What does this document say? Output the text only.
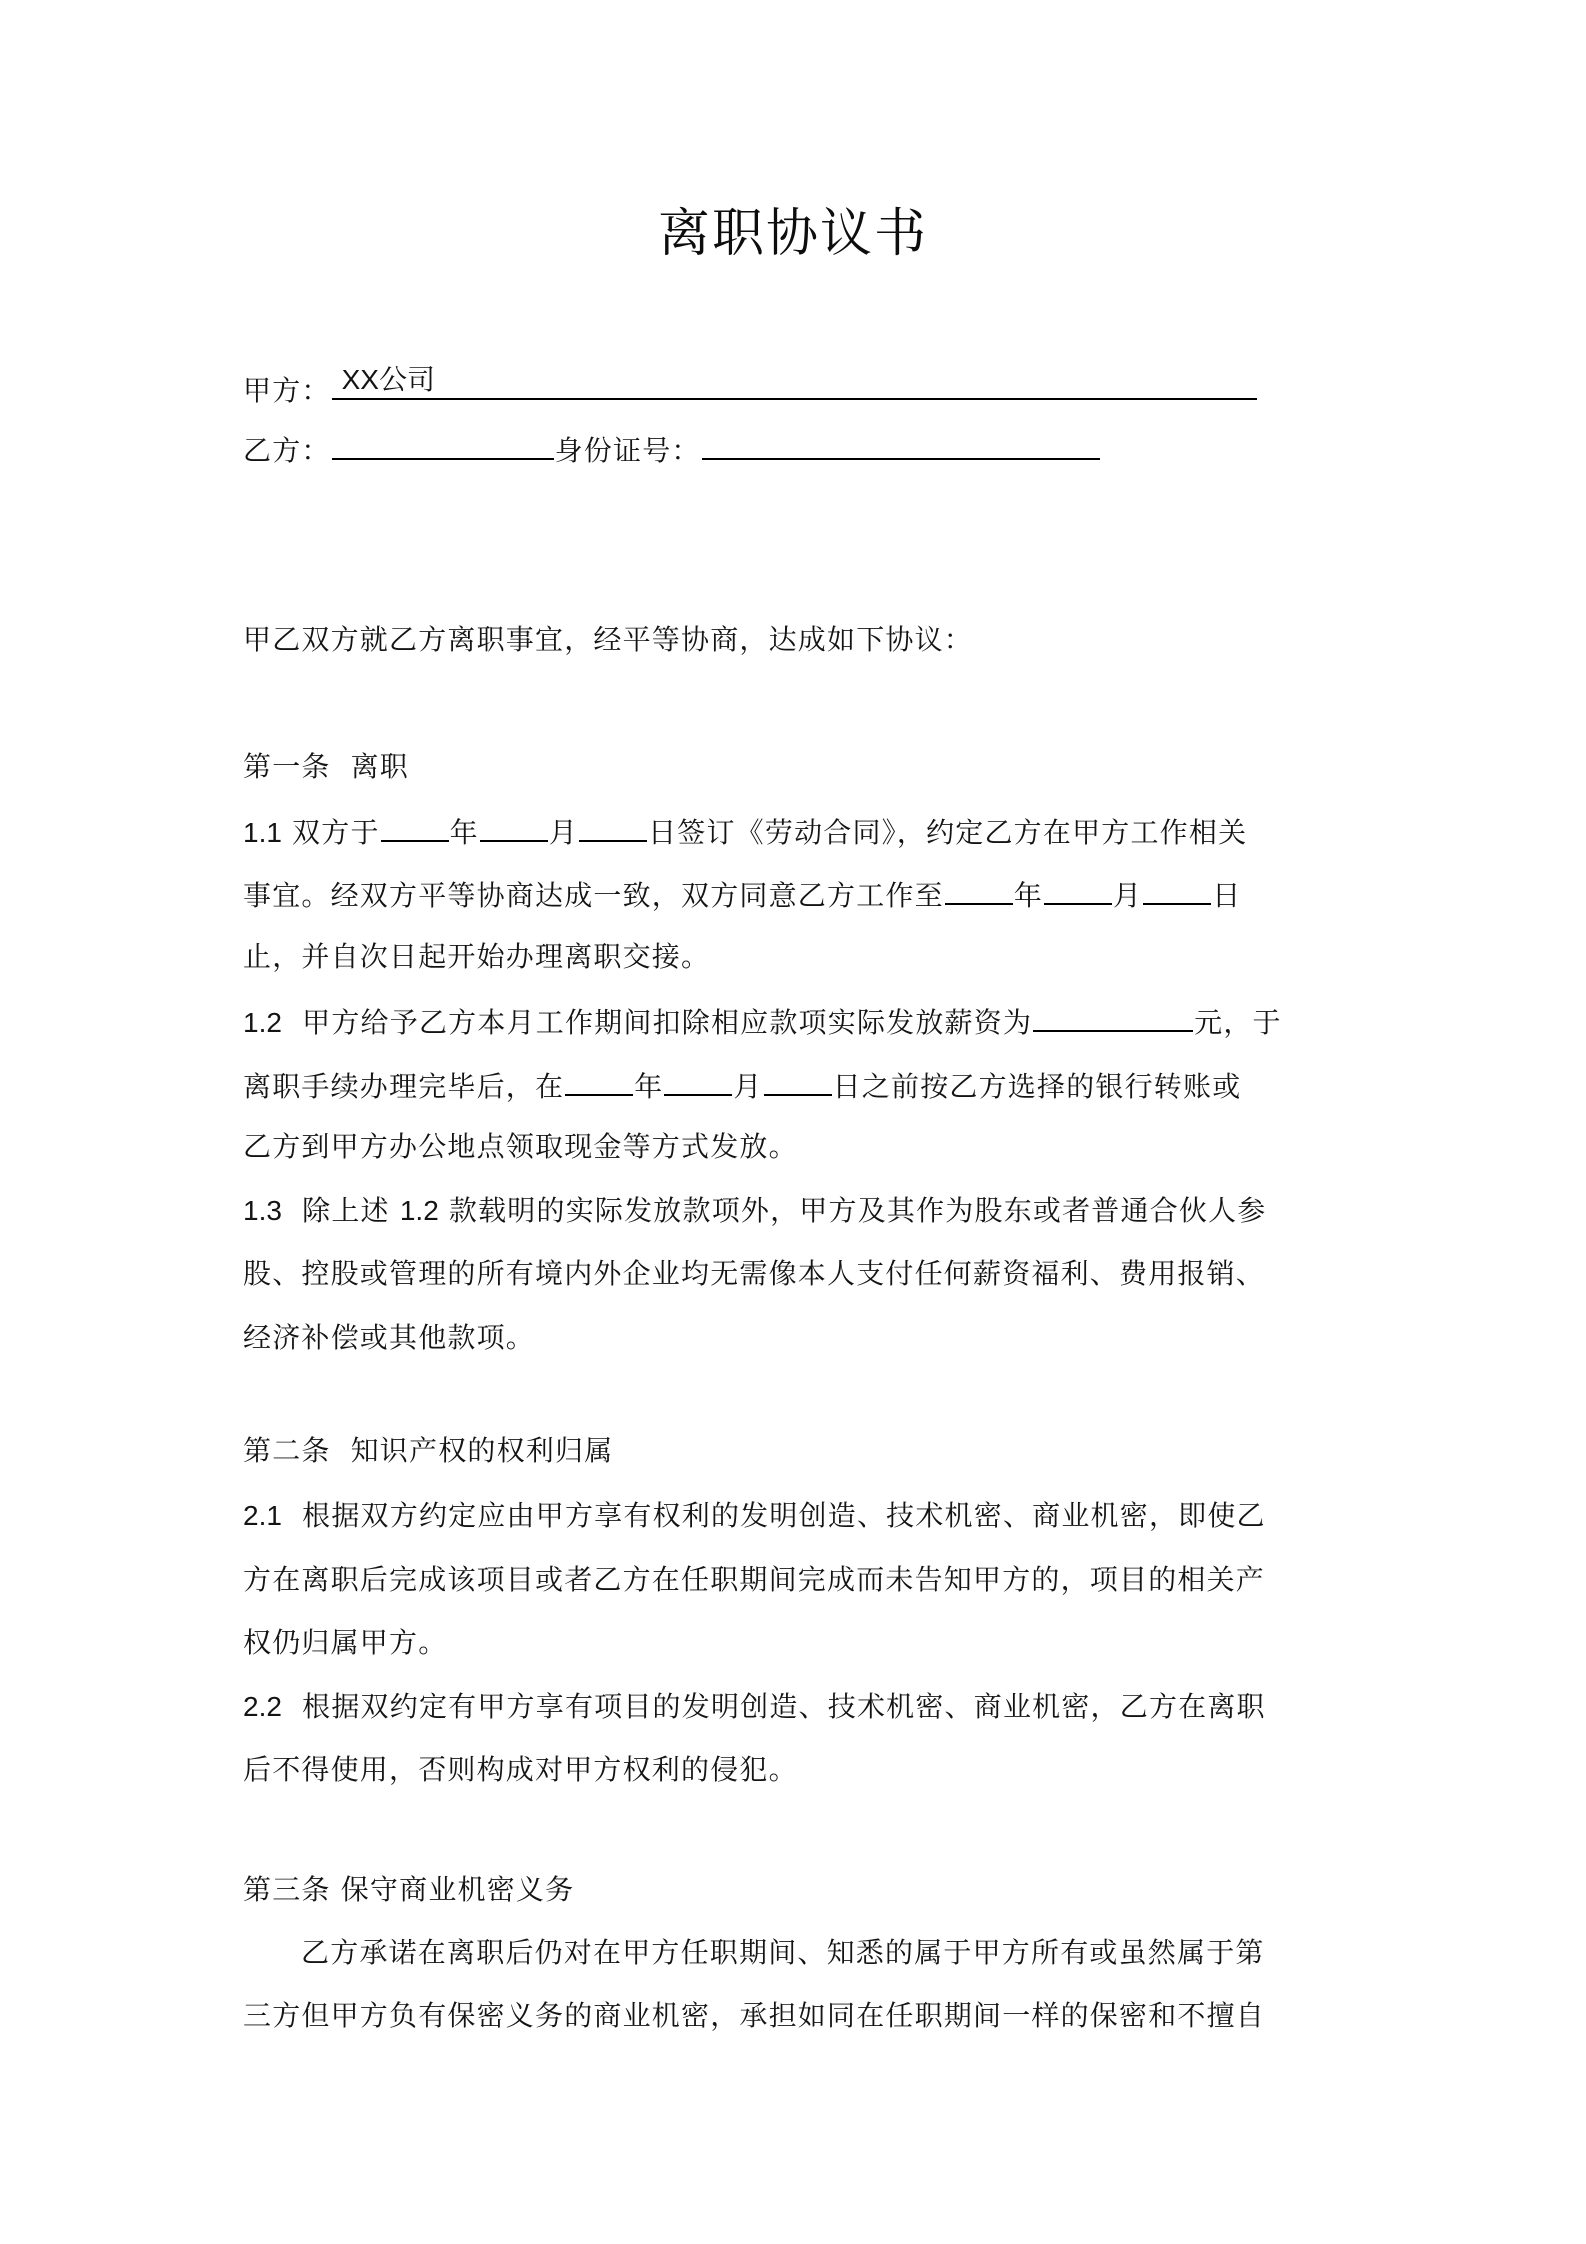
离职协议书
甲方： XX公司
乙方：	身份证号：
甲乙双方就乙方离职事宜，经平等协商，达成如下协议：
第一条 离职
1.1 双方于	年	月	日签订《劳动合同》，约定乙方在甲方工作相关
事宜。经双方平等协商达成一致，双方同意乙方工作至	年	月	日
止，并自次日起开始办理离职交接。
1.2 甲方给予乙方本月工作期间扣除相应款项实际发放薪资为	元，于
离职手续办理完毕后，在	年	月	日之前按乙方选择的银行转账或
乙方到甲方办公地点领取现金等方式发放。
1.3 除上述 1.2 款载明的实际发放款项外，甲方及其作为股东或者普通合伙人参
股、控股或管理的所有境内外企业均无需像本人支付任何薪资福利、费用报销、
经济补偿或其他款项。
第二条 知识产权的权利归属
2.1 根据双方约定应由甲方享有权利的发明创造、技术机密、商业机密，即使乙
方在离职后完成该项目或者乙方在任职期间完成而未告知甲方的，项目的相关产
权仍归属甲方。
2.2 根据双约定有甲方享有项目的发明创造、技术机密、商业机密，乙方在离职
后不得使用，否则构成对甲方权利的侵犯。
第三条 保守商业机密义务
乙方承诺在离职后仍对在甲方任职期间、知悉的属于甲方所有或虽然属于第
三方但甲方负有保密义务的商业机密，承担如同在任职期间一样的保密和不擅自
